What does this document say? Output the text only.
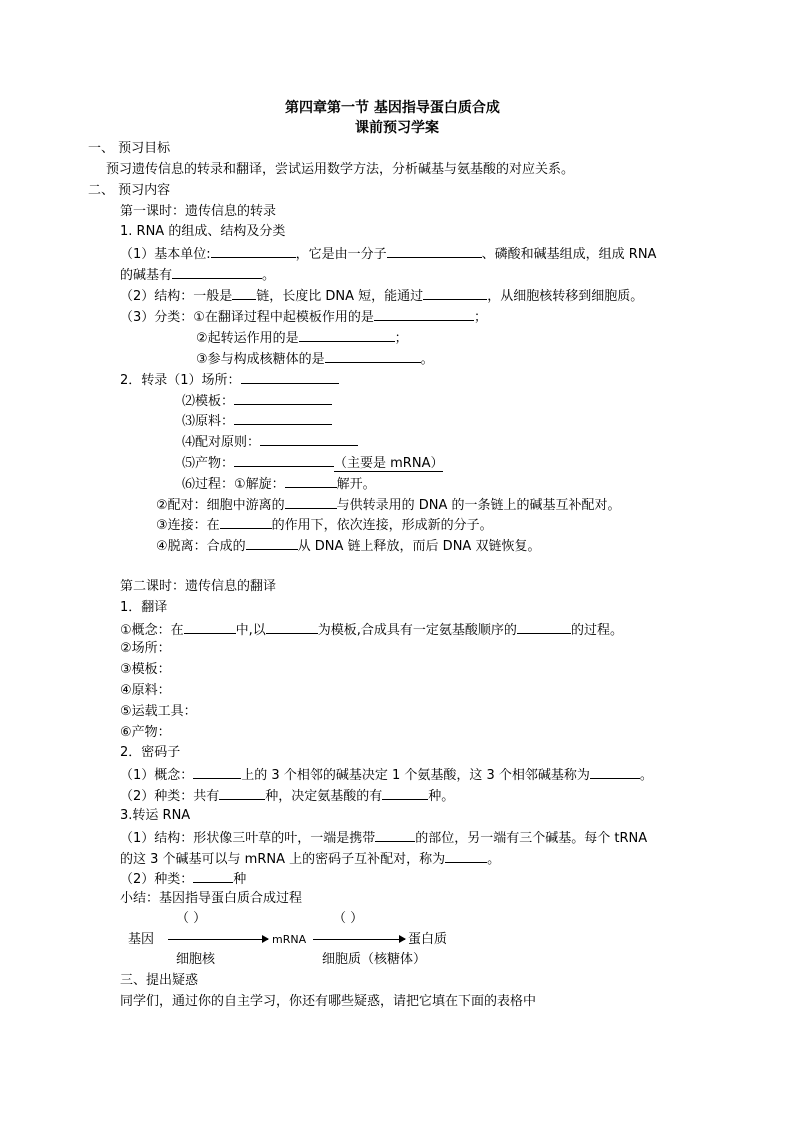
第四章第一节 基因指导蛋白质合成
课前预习学案
一、 预习目标
预习遗传信息的转录和翻译，尝试运用数学方法，分析碱基与氨基酸的对应关系。
二、 预习内容
第一课时：遗传信息的转录
1. RNA 的组成、结构及分类
（1）基本单位:	，它是由一分子	、磷酸和碱基组成，组成 RNA
的碱基有	。
（2）结构：一般是 链，长度比 DNA 短，能通过	，从细胞核转移到细胞质。
（3）分类：①在翻译过程中起模板作用的是	；
②起转运作用的是	；
③参与构成核糖体的是	。
2．转录（1）场所：
⑵模板：
⑶原料：
⑷配对原则：
⑸产物：	（主要是 mRNA）
⑹过程：①解旋：	解开。
②配对：细胞中游离的	与供转录用的 DNA 的一条链上的碱基互补配对。
③连接：在	的作用下，依次连接，形成新的分子。
④脱离：合成的	从 DNA 链上释放，而后 DNA 双链恢复。
第二课时：遗传信息的翻译
1．翻译
①概念：在	中,以	为模板,合成具有一定氨基酸顺序的	的过程。
②场所：
③模板：
④原料：
⑤运载工具：
⑥产物：
2．密码子
（1）概念：	上的 3 个相邻的碱基决定 1 个氨基酸，这 3 个相邻碱基称为	。
（2）种类：共有	种，决定氨基酸的有	种。
3.转运 RNA
（1）结构：形状像三叶草的叶，一端是携带	的部位，另一端有三个碱基。每个 tRNA
的这 3 个碱基可以与 mRNA 上的密码子互补配对，称为	。
（2）种类：	种
小结：基因指导蛋白质合成过程
（ ）	（ ）
基因	mRNA	蛋白质
细胞核	细胞质（核糖体）
三、提出疑惑
同学们，通过你的自主学习，你还有哪些疑惑，请把它填在下面的表格中
